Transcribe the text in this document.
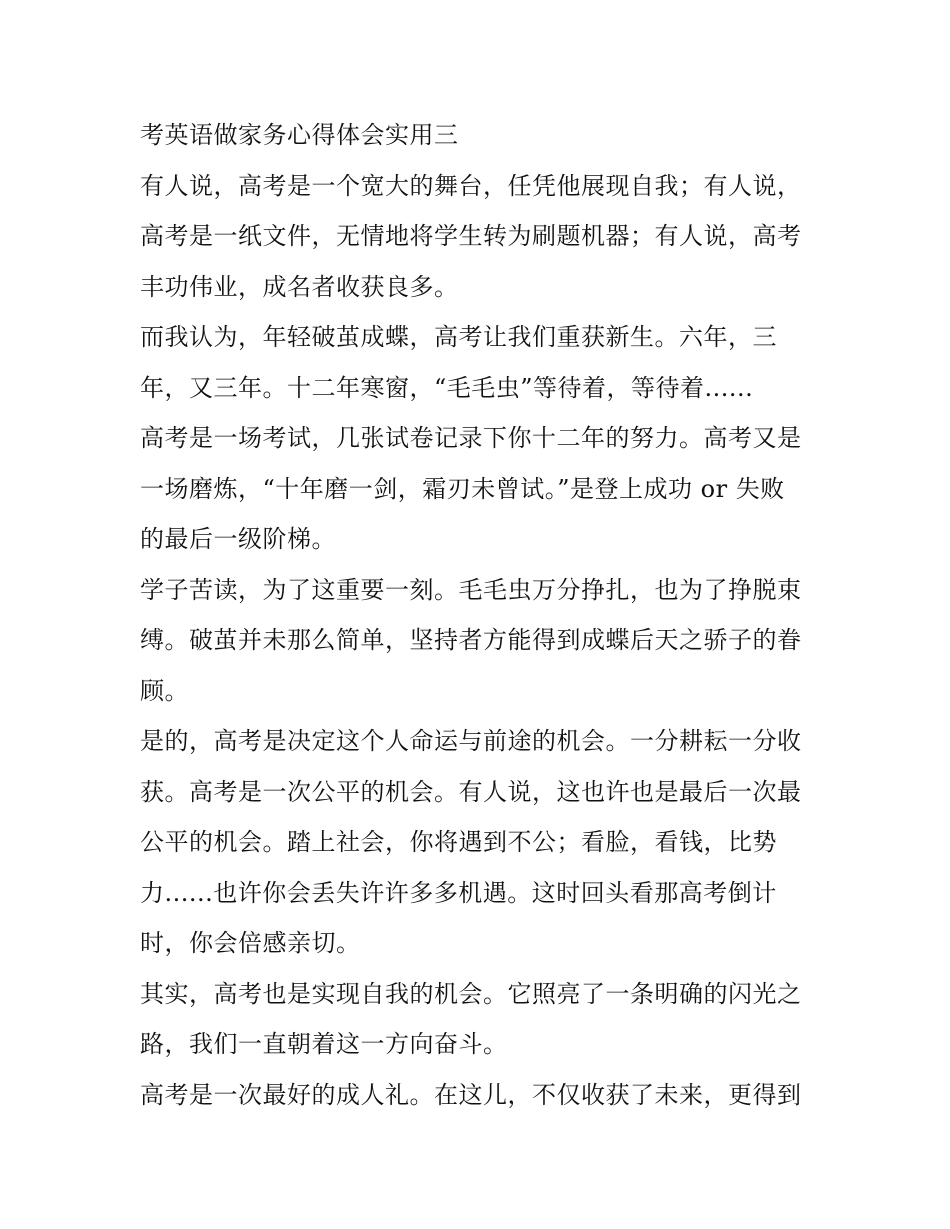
考英语做家务心得体会实用三

有人说，高考是一个宽大的舞台，任凭他展现自我；有人说，
高考是一纸文件，无情地将学生转为刷题机器；有人说，高考
丰功伟业，成名者收获良多。

而我认为，年轻破茧成蝶，高考让我们重获新生。六年，三
年，又三年。十二年寒窗，“毛毛虫”等待着，等待着......

高考是一场考试，几张试卷记录下你十二年的努力。高考又是
一场磨炼，“十年磨一剑，霜刃未曾试。”是登上成功 or 失败
的最后一级阶梯。

学子苦读，为了这重要一刻。毛毛虫万分挣扎，也为了挣脱束
缚。破茧并未那么简单，坚持者方能得到成蝶后天之骄子的眷
顾。

是的，高考是决定这个人命运与前途的机会。一分耕耘一分收
获。高考是一次公平的机会。有人说，这也许也是最后一次最
公平的机会。踏上社会，你将遇到不公；看脸，看钱，比势
力......也许你会丢失许许多多机遇。这时回头看那高考倒计
时，你会倍感亲切。

其实，高考也是实现自我的机会。它照亮了一条明确的闪光之
路，我们一直朝着这一方向奋斗。

高考是一次最好的成人礼。在这儿，不仅收获了未来，更得到
